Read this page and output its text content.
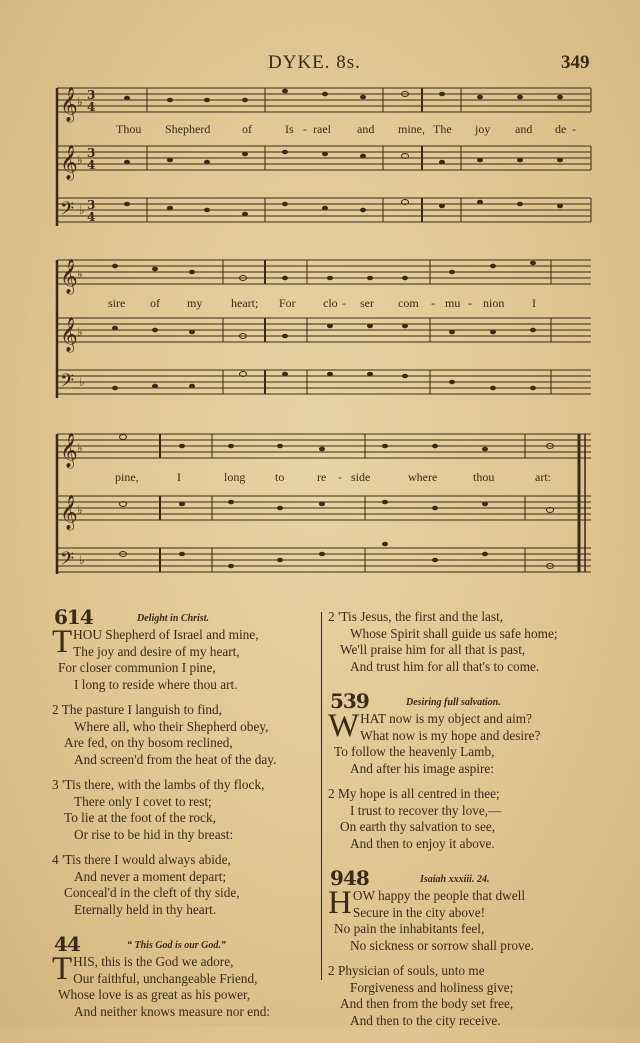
DYKE. 8s.	349
𝄞
𝄞
𝄢
♭
♭
♭
3
4
3
4
3
4
Thou Shepherd	of	Is - rael and mine, The joy and de -
𝄞
𝄞
𝄢
♭
♭
♭
sire of my heart; For clo - ser com - mu - nion I
𝄞
𝄞
𝄢
♭
♭
♭
pine,	I	long to	re - side	where	thou	art:
614	Delight in Christ.
T HOU Shepherd of Israel and mine,
The joy and desire of my heart,
For closer communion I pine,
I long to reside where thou art.
2 The pasture I languish to find,
Where all, who their Shepherd obey,
Are fed, on thy bosom reclined,
And screen'd from the heat of the day.
3 'Tis there, with the lambs of thy flock,
There only I covet to rest;
To lie at the foot of the rock,
Or rise to be hid in thy breast:
4 'Tis there I would always abide,
And never a moment depart;
Conceal'd in the cleft of thy side,
Eternally held in thy heart.
44	“ This God is our God.”
T HIS, this is the God we adore,
Our faithful, unchangeable Friend,
Whose love is as great as his power,
And neither knows measure nor end:
2 'Tis Jesus, the first and the last,
Whose Spirit shall guide us safe home;
We'll praise him for all that is past,
And trust him for all that's to come.
539	Desiring full salvation.
W HAT now is my object and aim?
What now is my hope and desire?
To follow the heavenly Lamb,
And after his image aspire:
2 My hope is all centred in thee;
I trust to recover thy love,—
On earth thy salvation to see,
And then to enjoy it above.
948	Isaiah xxxiii. 24.
H OW happy the people that dwell
Secure in the city above!
No pain the inhabitants feel,
No sickness or sorrow shall prove.
2 Physician of souls, unto me
Forgiveness and holiness give;
And then from the body set free,
And then to the city receive.
